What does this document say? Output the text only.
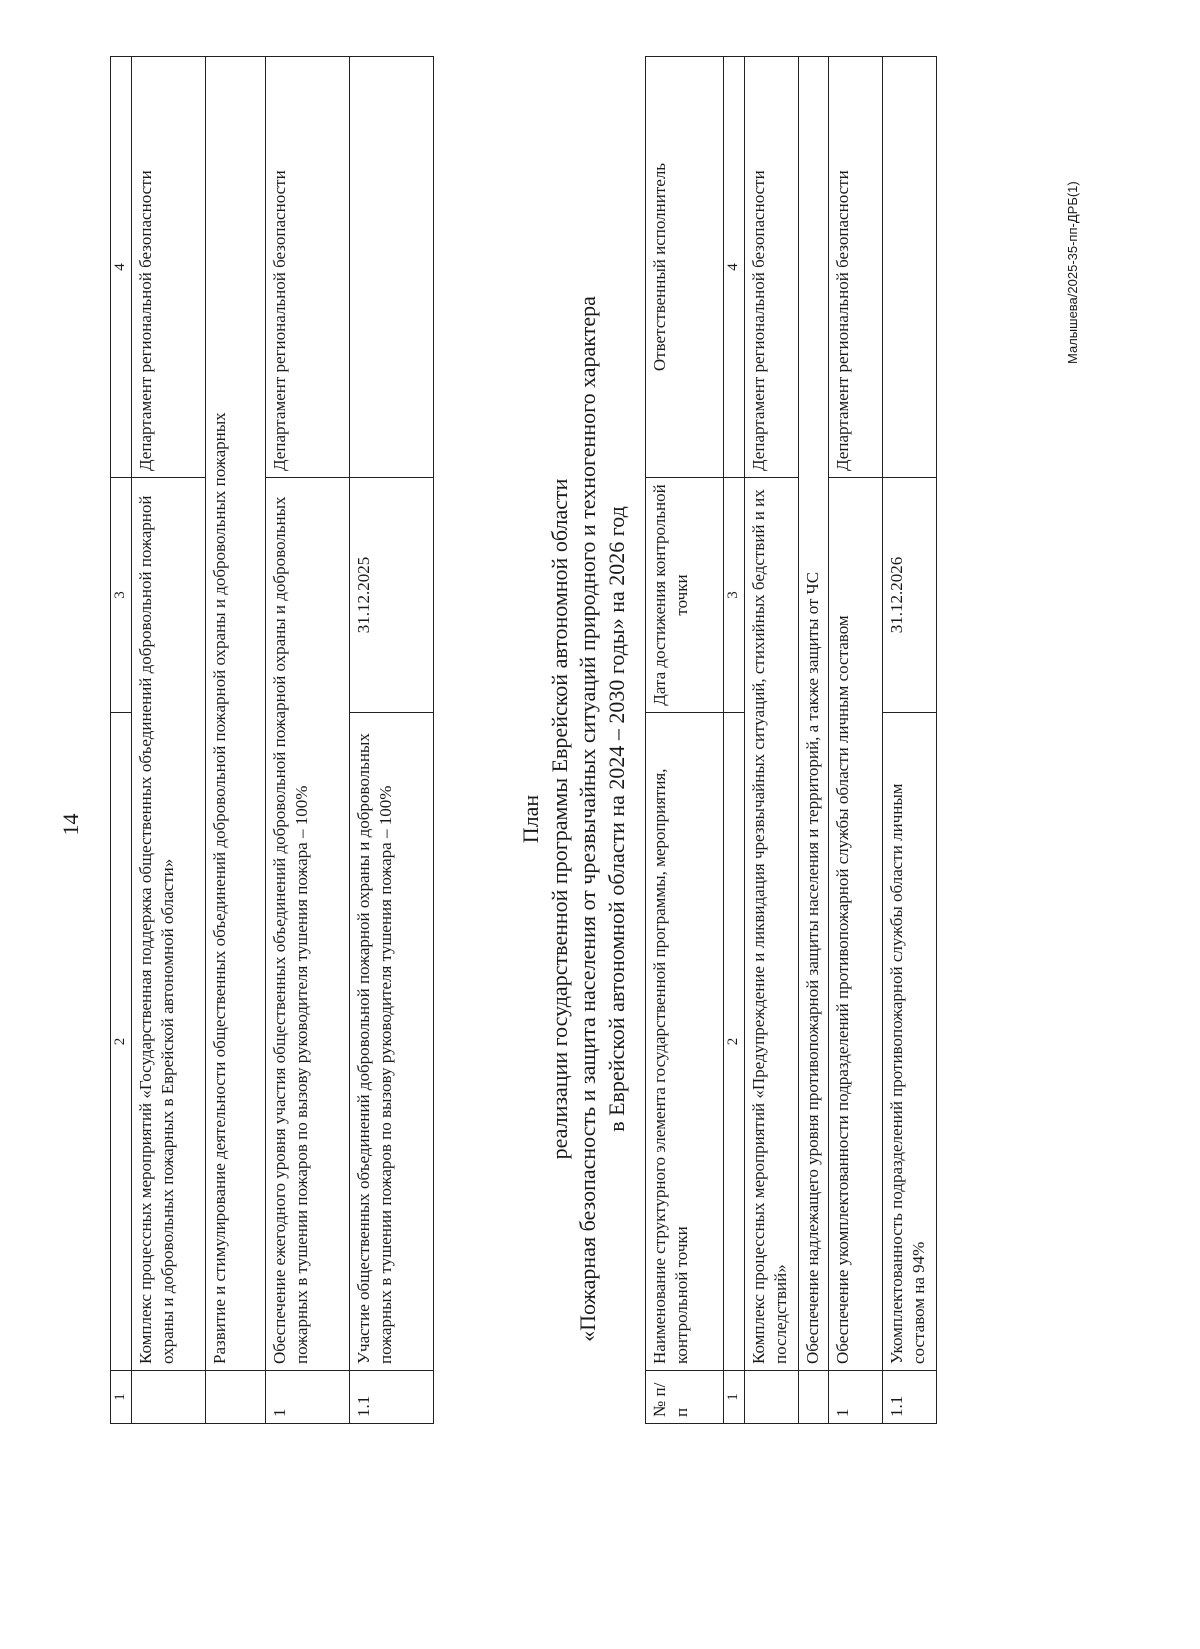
14
1	2	3	4
	Комплекс процессных мероприятий «Государственная поддержка общественных объединений добровольной пожарной охраны и добровольных пожарных в Еврейской автономной области»		Департамент региональной безопасности
	Развитие и стимулирование деятельности общественных объединений добровольной пожарной охраны и добровольных пожарных		
1	Обеспечение ежегодного уровня участия общественных объединений добровольной пожарной охраны и добровольных пожарных в тушении пожаров по вызову руководителя тушения пожара – 100%		Департамент региональной безопасности
1.1	Участие общественных объединений добровольной пожарной охраны и добровольных пожарных в тушении пожаров по вызову руководителя тушения пожара – 100%	31.12.2025	
План реализации государственной программы Еврейской автономной области «Пожарная безопасность и защита населения от чрезвычайных ситуаций природного и техногенного характера в Еврейской автономной области на 2024 – 2030 годы» на 2026 год
№ п/п	Наименование структурного элемента государственной программы, мероприятия, контрольной точки	Дата достижения контрольной точки	Ответственный исполнитель
1	2	3	4
	Комплекс процессных мероприятий «Предупреждение и ликвидация чрезвычайных ситуаций, стихийных бедствий и их последствий»		Департамент региональной безопасности
	Обеспечение надлежащего уровня противопожарной защиты населения и территорий, а также защиты от ЧС		
1	Обеспечение укомплектованности подразделений противопожарной службы области личным составом		Департамент региональной безопасности
1.1	Укомплектованность подразделений противопожарной службы области личным составом на 94%	31.12.2026	
Малышева/2025-35-пп-ДРБ(1)
